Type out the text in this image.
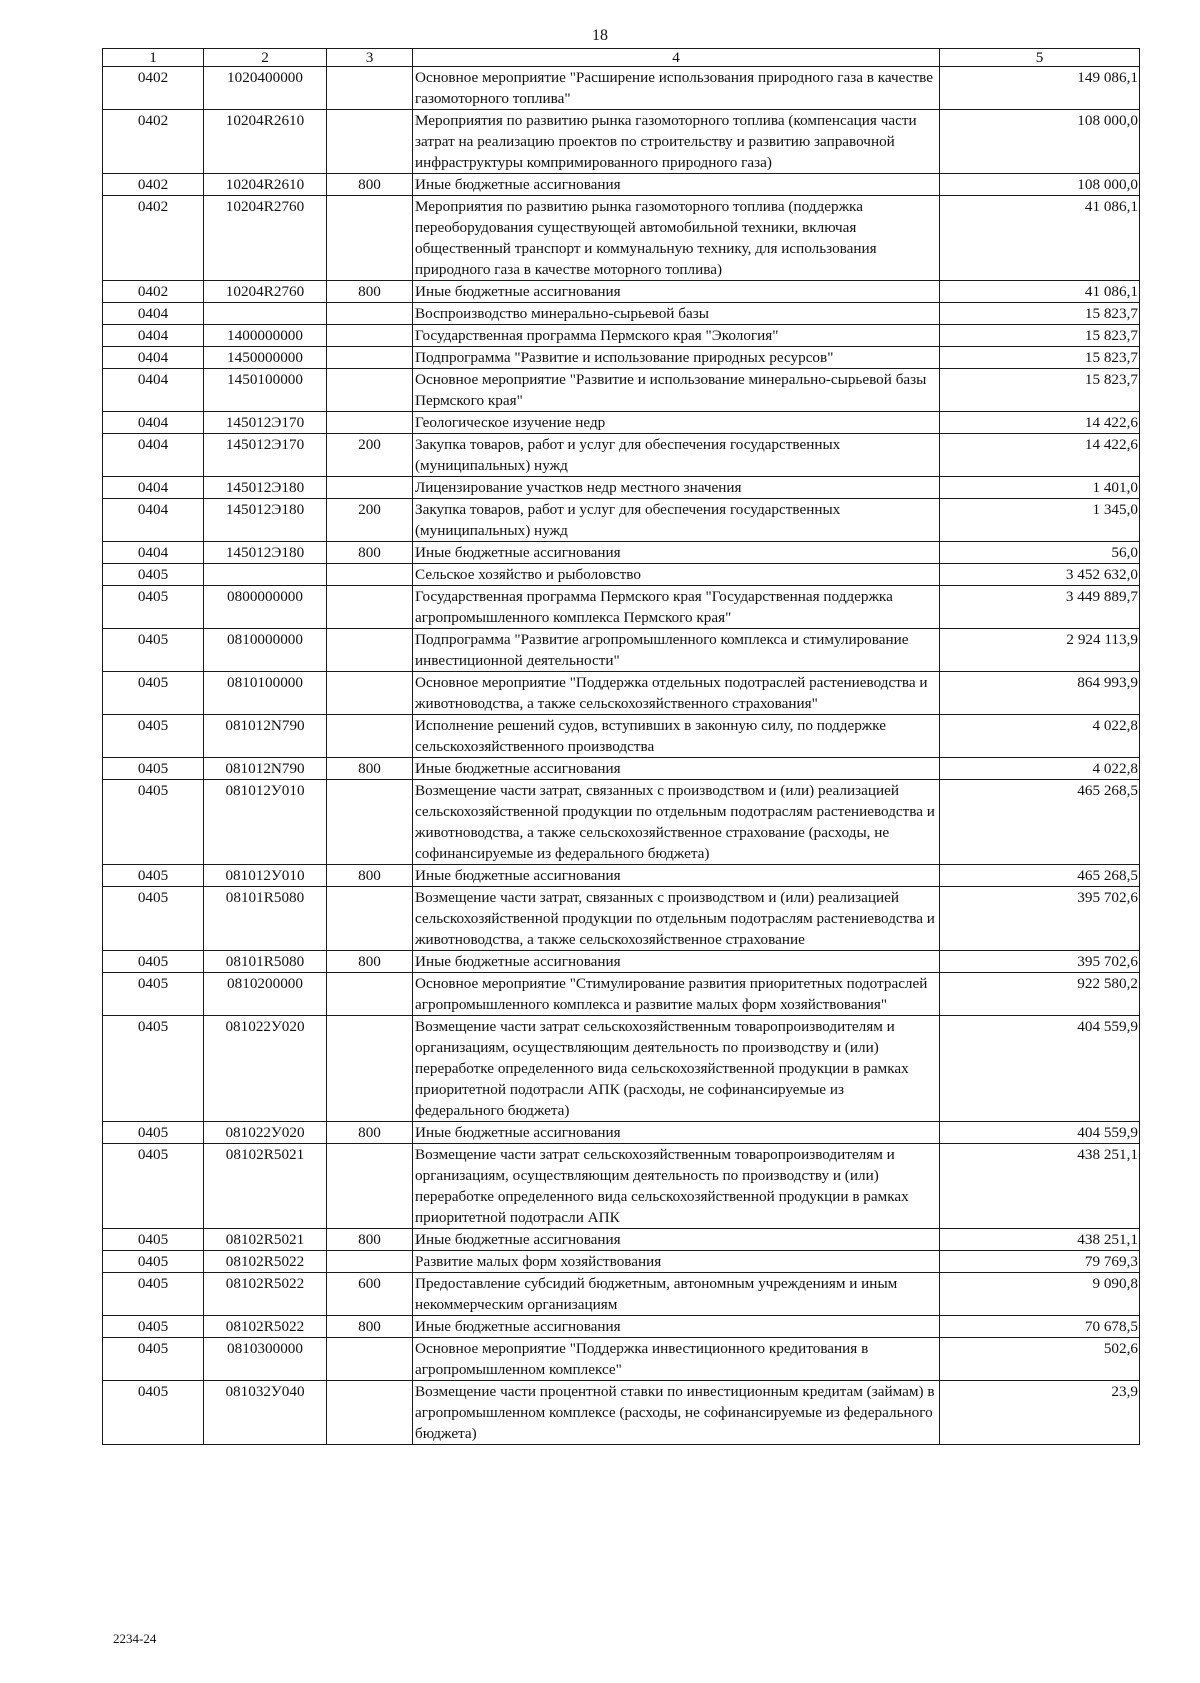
18
1	2	3	4	5
0402	1020400000		Основное мероприятие "Расширение использования природного газа в качестве газомоторного топлива"	149 086,1
0402	10204R2610		Мероприятия по развитию рынка газомоторного топлива (компенсация части затрат на реализацию проектов по строительству и развитию заправочной инфраструктуры компримированного природного газа)	108 000,0
0402	10204R2610	800	Иные бюджетные ассигнования	108 000,0
0402	10204R2760		Мероприятия по развитию рынка газомоторного топлива (поддержка переоборудования существующей автомобильной техники, включая общественный транспорт и коммунальную технику, для использования природного газа в качестве моторного топлива)	41 086,1
0402	10204R2760	800	Иные бюджетные ассигнования	41 086,1
0404			Воспроизводство минерально-сырьевой базы	15 823,7
0404	1400000000		Государственная программа Пермского края "Экология"	15 823,7
0404	1450000000		Подпрограмма "Развитие и использование природных ресурсов"	15 823,7
0404	1450100000		Основное мероприятие "Развитие и использование минерально-сырьевой базы Пермского края"	15 823,7
0404	145012Э170		Геологическое изучение недр	14 422,6
0404	145012Э170	200	Закупка товаров, работ и услуг для обеспечения государственных (муниципальных) нужд	14 422,6
0404	145012Э180		Лицензирование участков недр местного значения	1 401,0
0404	145012Э180	200	Закупка товаров, работ и услуг для обеспечения государственных (муниципальных) нужд	1 345,0
0404	145012Э180	800	Иные бюджетные ассигнования	56,0
0405			Сельское хозяйство и рыболовство	3 452 632,0
0405	0800000000		Государственная программа Пермского края "Государственная поддержка агропромышленного комплекса Пермского края"	3 449 889,7
0405	0810000000		Подпрограмма "Развитие агропромышленного комплекса и стимулирование инвестиционной деятельности"	2 924 113,9
0405	0810100000		Основное мероприятие "Поддержка отдельных подотраслей растениеводства и животноводства, а также сельскохозяйственного страхования"	864 993,9
0405	081012N790		Исполнение решений судов, вступивших в законную силу, по поддержке сельскохозяйственного производства	4 022,8
0405	081012N790	800	Иные бюджетные ассигнования	4 022,8
0405	081012У010		Возмещение части затрат, связанных с производством и (или) реализацией сельскохозяйственной продукции по отдельным подотраслям растениеводства и животноводства, а также сельскохозяйственное страхование (расходы, не софинансируемые из федерального бюджета)	465 268,5
0405	081012У010	800	Иные бюджетные ассигнования	465 268,5
0405	08101R5080		Возмещение части затрат, связанных с производством и (или) реализацией сельскохозяйственной продукции по отдельным подотраслям растениеводства и животноводства, а также сельскохозяйственное страхование	395 702,6
0405	08101R5080	800	Иные бюджетные ассигнования	395 702,6
0405	0810200000		Основное мероприятие "Стимулирование развития приоритетных подотраслей агропромышленного комплекса и развитие малых форм хозяйствования"	922 580,2
0405	081022У020		Возмещение части затрат сельскохозяйственным товаропроизводителям и организациям, осуществляющим деятельность по производству и (или) переработке определенного вида сельскохозяйственной продукции в рамках приоритетной подотрасли АПК (расходы, не софинансируемые из федерального бюджета)	404 559,9
0405	081022У020	800	Иные бюджетные ассигнования	404 559,9
0405	08102R5021		Возмещение части затрат сельскохозяйственным товаропроизводителям и организациям, осуществляющим деятельность по производству и (или) переработке определенного вида сельскохозяйственной продукции в рамках приоритетной подотрасли АПК	438 251,1
0405	08102R5021	800	Иные бюджетные ассигнования	438 251,1
0405	08102R5022		Развитие малых форм хозяйствования	79 769,3
0405	08102R5022	600	Предоставление субсидий бюджетным, автономным учреждениям и иным некоммерческим организациям	9 090,8
0405	08102R5022	800	Иные бюджетные ассигнования	70 678,5
0405	0810300000		Основное мероприятие "Поддержка инвестиционного кредитования в агропромышленном комплексе"	502,6
0405	081032У040		Возмещение части процентной ставки по инвестиционным кредитам (займам) в агропромышленном комплексе (расходы, не софинансируемые из федерального бюджета)	23,9
2234-24
